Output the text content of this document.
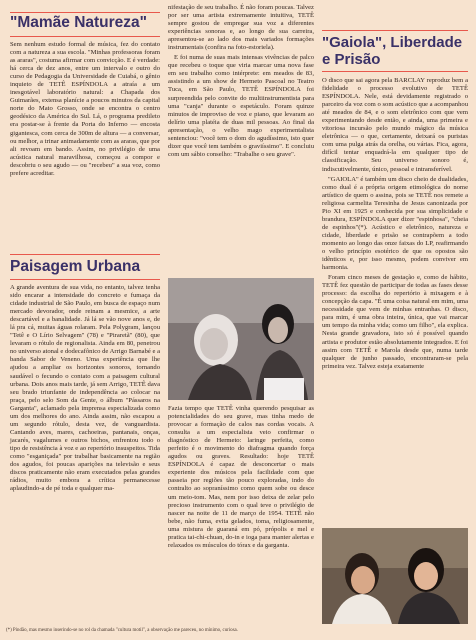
"Mamãe Natureza"

Sem nenhum estudo formal de música, fez do contato com a natureza a sua escola. "Minhas professoras foram as araras", costuma afirmar com convicção. E é verdade: há cerca de dez anos, entre um intervalo e outro do curso de Pedagogia da Universidade de Cuiabá, o gênio inquieto de TETÊ ESPÍNDOLA a atraía a um inesgotável laboratório natural: a Chapada dos Guimarães, extensa planície a poucos minutos da capital norte do Mato Grosso, onde se encontra o centro geodésico da América do Sul. Lá, o programa predileto era postar-se à frente da Porta do Inferno — encosta gigantesca, com cerca de 300m de altura — a conversar, ou melhor, a trinar animadamente com as araras, que por ali revoam em bando. Assim, no privilégio de uma acústica natural maravilhosa, começou a compor e descobriu o seu agudo — ou "recebeu" a sua voz, como prefere acreditar.

Paisagem Urbana

A grande aventura de sua vida, no entanto, talvez tenha sido encarar a intensidade do concreto e fumaça da cidade industrial de São Paulo, em busca de espaço num mercado devorador, onde reinam a mesmice, a arte descartável e a banalidade. Já lá se vão nove anos e, de lá pra cá, muitas águas rolaram. Pela Polygram, lançou "Tetê e O Lírio Selvagem" (78) e "Piraretã" (80), que levaram o rótulo de regionalista. Ainda em 80, penetrou no universo atonal e dodecafônico de Arrigo Barnabé e a banda Sabor de Veneno. Uma experiência que lhe ajudou a ampliar os horizontes sonoros, tornando saudável o fecundo o contato com a paisagem cultural urbana. Dois anos mais tarde, já sem Arrigo, TETÊ dava seu brado triunfante de independência ao colocar na praça, pelo selo Som da Gente, o álbum "Pássaros na Garganta", aclamado pela imprensa especializada como um dos melhores do ano. Ainda assim, não escapou a um segundo rótulo, desta vez, de vanguardista. Cantando aves, mares, cachoeiras, pantanais, onças, jacarés, vagalumes e outros bichos, enfrentou todo o tipo de resistência à voz e ao repertório insuspeitos. Tida como "esganiçada" por trabalhar basicamente na região dos agudos, foi poucas aparições na televisão e seus discos praticamente não eram executados pelas grandes rádios, muito embora a crítica permanecesse aplaudindo-a de pé toda e qualquer ma-

nifestação de seu trabalho. É não foram poucas. Talvez por ser uma artista extremamente intuitiva, TETÊ sempre gostou de empregar sua voz a diferentes experiências sonoras e, ao longo de sua carreira, apresentou-se ao lado dos mais variados formações instrumentais (confira na foto-estoriela).

E foi numa de suas mais intensas vivências de palco que recebeu o toque que viria marcar uma nova fase em seu trabalho como intérprete: em meados de 83, assistindo a um show de Hermeto Pascoal no Teatro Tuca, em São Paulo, TETÊ ESPÍNDOLA foi surpreendida pelo convite do multiinstrumentista para uma "canja" durante o espetáculo. Foram quinze minutos de improviso de voz e piano, que levaram ao delírio uma platéia de duas mil pessoas. Ao final da apresentação, o velho mago experimentalista sentenciou: "você tem o dom do agudíssimo, isto quer dizer que você tem também o graviíssimo". E concluiu com um sábio conselho: "Trabalhe o seu grave".

Fazia tempo que TETÊ vinha querendo pesquisar as potencialidades do seu grave, mas tinha medo de provocar a formação de calos nas cordas vocais. A consulta a um especialista veio confirmar o diagnóstico de Hermeto: laringe perfeita, como perfeito é o movimento do diafragma quando força agudos ou graves. Resultado: hoje TETÊ ESPÍNDOLA é capaz de desconcertar o mais experiente dos músicos pela facilidade com que passeia por regiões tão pouco exploradas, indo do contralto ao sopraníssimo como quem sobe ou desce um meio-tom. Mas, nem por isso deixa de zelar pelo precioso instrumento com o qual teve o privilégio de nascer na noite de 11 de março de 1954. TETÊ não bebe, não fuma, evita gelados, toma, religiosamente, uma mistura de guaraná em pó, própolis e mel e pratica tai-chi-chuan, do-in e ioga para manter alertas e relaxados os músculos do tórax e da garganta.

"Gaiola", Liberdade e Prisão

O disco que sai agora pela BARCLAY reproduz bem a fidelidade o processo evolutivo de TETÊ ESPÍNDOLA. Nele, está devidamente registrado o parceiro da voz com o som acústico que a acompanhou até meados de 84, e o som eletrônico com que vem experimentando desde então, e ainda, uma primeira e vitoriosa incursão pelo mundo mágico da música eletrônica — o que, certamente, deixará os puristas com uma pulga atrás da orelha, ou várias. Fica, agora, difícil tentar enquadrá-la em qualquer tipo de classificação. Seu universo sonoro é, indiscutivelmente, único, pessoal e intransferível.

"GAIOLA" é também um disco cheio de dualidades, como dual é a própria origem etimológica do nome artístico de quem o assina, pois se TETÊ nos remete a religiosa carmelita Teresinha de Jesus canonizada por Pio XI em 1925 e conhecida por sua simplicidade e brandura, ESPÍNDOLA quer dizer "espinhosa", "cheia de espinhos"(*). Acústico e eletrônico, natureza e cidade, liberdade e prisão se contrapõem a todo momento ao longo das onze faixas do LP, reafirmando o velho princípio esotérico de que os opostos são idênticos e, por isso mesmo, podem conviver em harmonia.

Foram cinco meses de gestação e, como de hábito, TETÊ fez questão de participar de todas as fases desse processo: da escolha do repertório à mixagem e à concepção da capa. "É uma coisa natural em mim, uma necessidade que vem de minhas entranhas. O disco, para mim, é uma obra inteira, única, que vai marcar um tempo da minha vida; como um filho", ela explica. Nesta grande gravadora, isto só é possível quando artista e produtor estão absolutamente integrados. E foi assim com TETÊ e Marola desde que, numa tarde qualquer de junho passado, encontraram-se pela primeira vez. Talvez esteja exatamente

(*) Pindão, mas mesmo inserindo-se no rol da chamada "cultura motil", a observação me pareceu, no mínimo, curiosa.
